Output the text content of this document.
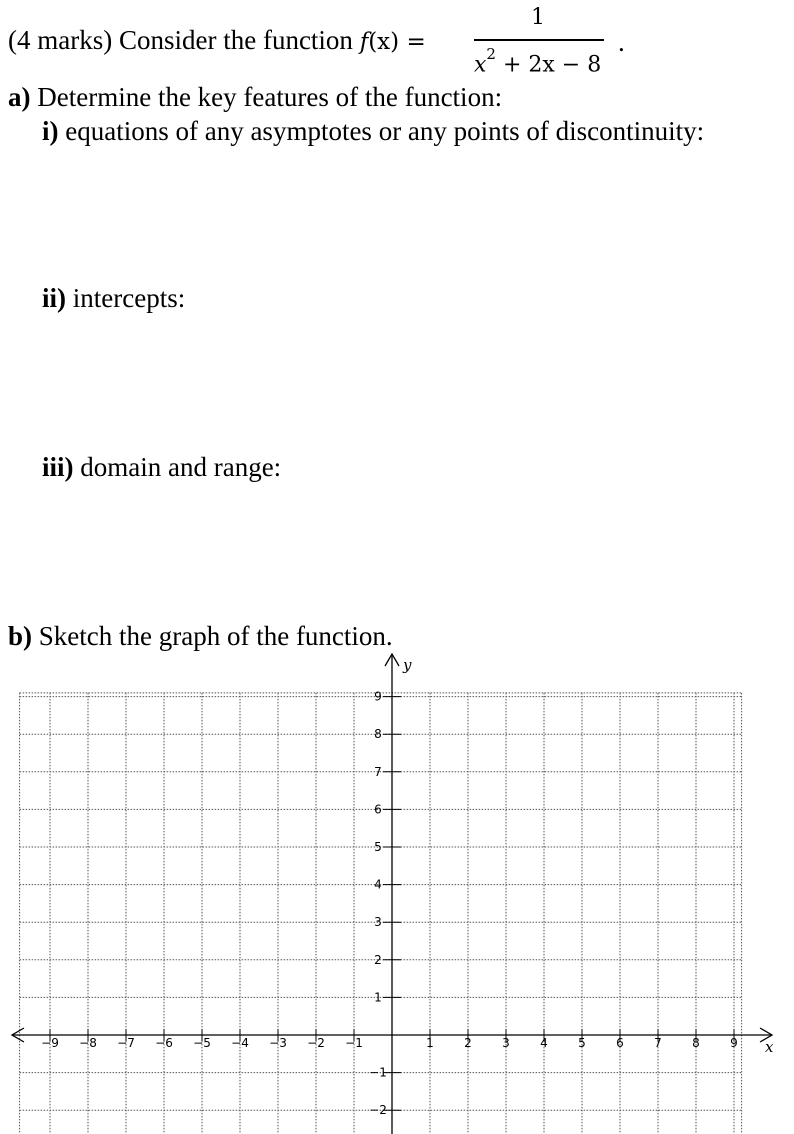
(4 marks) Consider the function f(x) =
1
$x^2 + 2x - 8$
.
a) Determine the key features of the function:
i) equations of any asymptotes or any points of discontinuity:
ii) intercepts:
iii) domain and range:
b) Sketch the graph of the function.
−9 −8 −7 −6 −5 −4 −3 −2 −1	1	2	3	4	5	6	7	8	9
9
8
7
6
5
4
3
2
1
−1
−2
x
y
